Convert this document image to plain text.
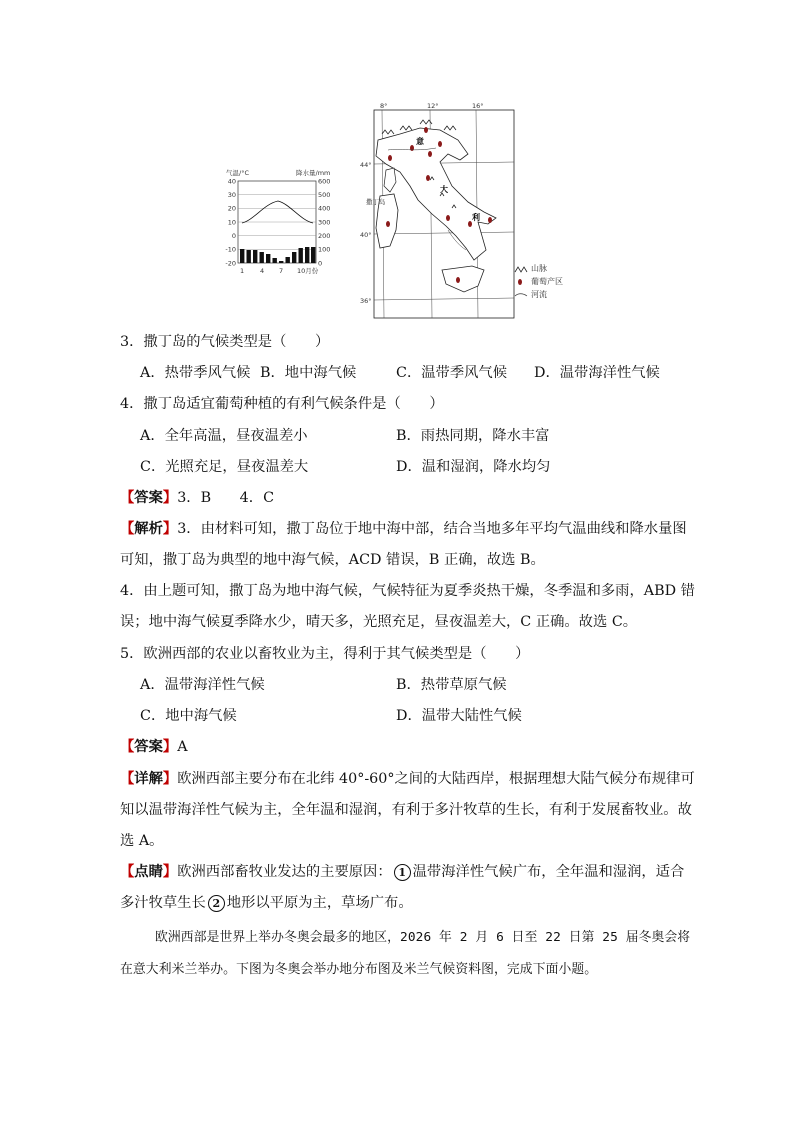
气温/°C	降水量/mm
40
30
20
10
0
-10
-20
600
500
400
300
200
100
0
1 4 7 10月份
8°	12°	16°
44°
40°
36°
意
大
利
撒丁岛
山脉
葡萄产区
河流
3．撒丁岛的气候类型是（　　）
A．热带季风气候 B．地中海气候	C．温带季风气候 D．温带海洋性气候
4．撒丁岛适宜葡萄种植的有利气候条件是（　　）
A．全年高温，昼夜温差小	B．雨热同期，降水丰富
C．光照充足，昼夜温差大	D．温和湿润，降水均匀
【答案】3．B　　4．C
【解析】3．由材料可知，撒丁岛位于地中海中部，结合当地多年平均气温曲线和降水量图
可知，撒丁岛为典型的地中海气候，ACD 错误，B 正确，故选 B。
4．由上题可知，撒丁岛为地中海气候，气候特征为夏季炎热干燥，冬季温和多雨，ABD 错
误；地中海气候夏季降水少，晴天多，光照充足，昼夜温差大，C 正确。故选 C。
5．欧洲西部的农业以畜牧业为主，得利于其气候类型是（　　）
A．温带海洋性气候	B．热带草原气候
C．地中海气候	D．温带大陆性气候
【答案】A
【详解】欧洲西部主要分布在北纬 40°-60°之间的大陆西岸，根据理想大陆气候分布规律可
知以温带海洋性气候为主，全年温和湿润，有利于多汁牧草的生长，有利于发展畜牧业。故
选 A。
【点睛】欧洲西部畜牧业发达的主要原因： 1 温带海洋性气候广布，全年温和湿润，适合
多汁牧草生长 2 地形以平原为主，草场广布。
欧洲西部是世界上举办冬奥会最多的地区，2026 年 2 月 6 日至 22 日第 25 届冬奥会将
在意大利米兰举办。下图为冬奥会举办地分布图及米兰气候资料图，完成下面小题。
